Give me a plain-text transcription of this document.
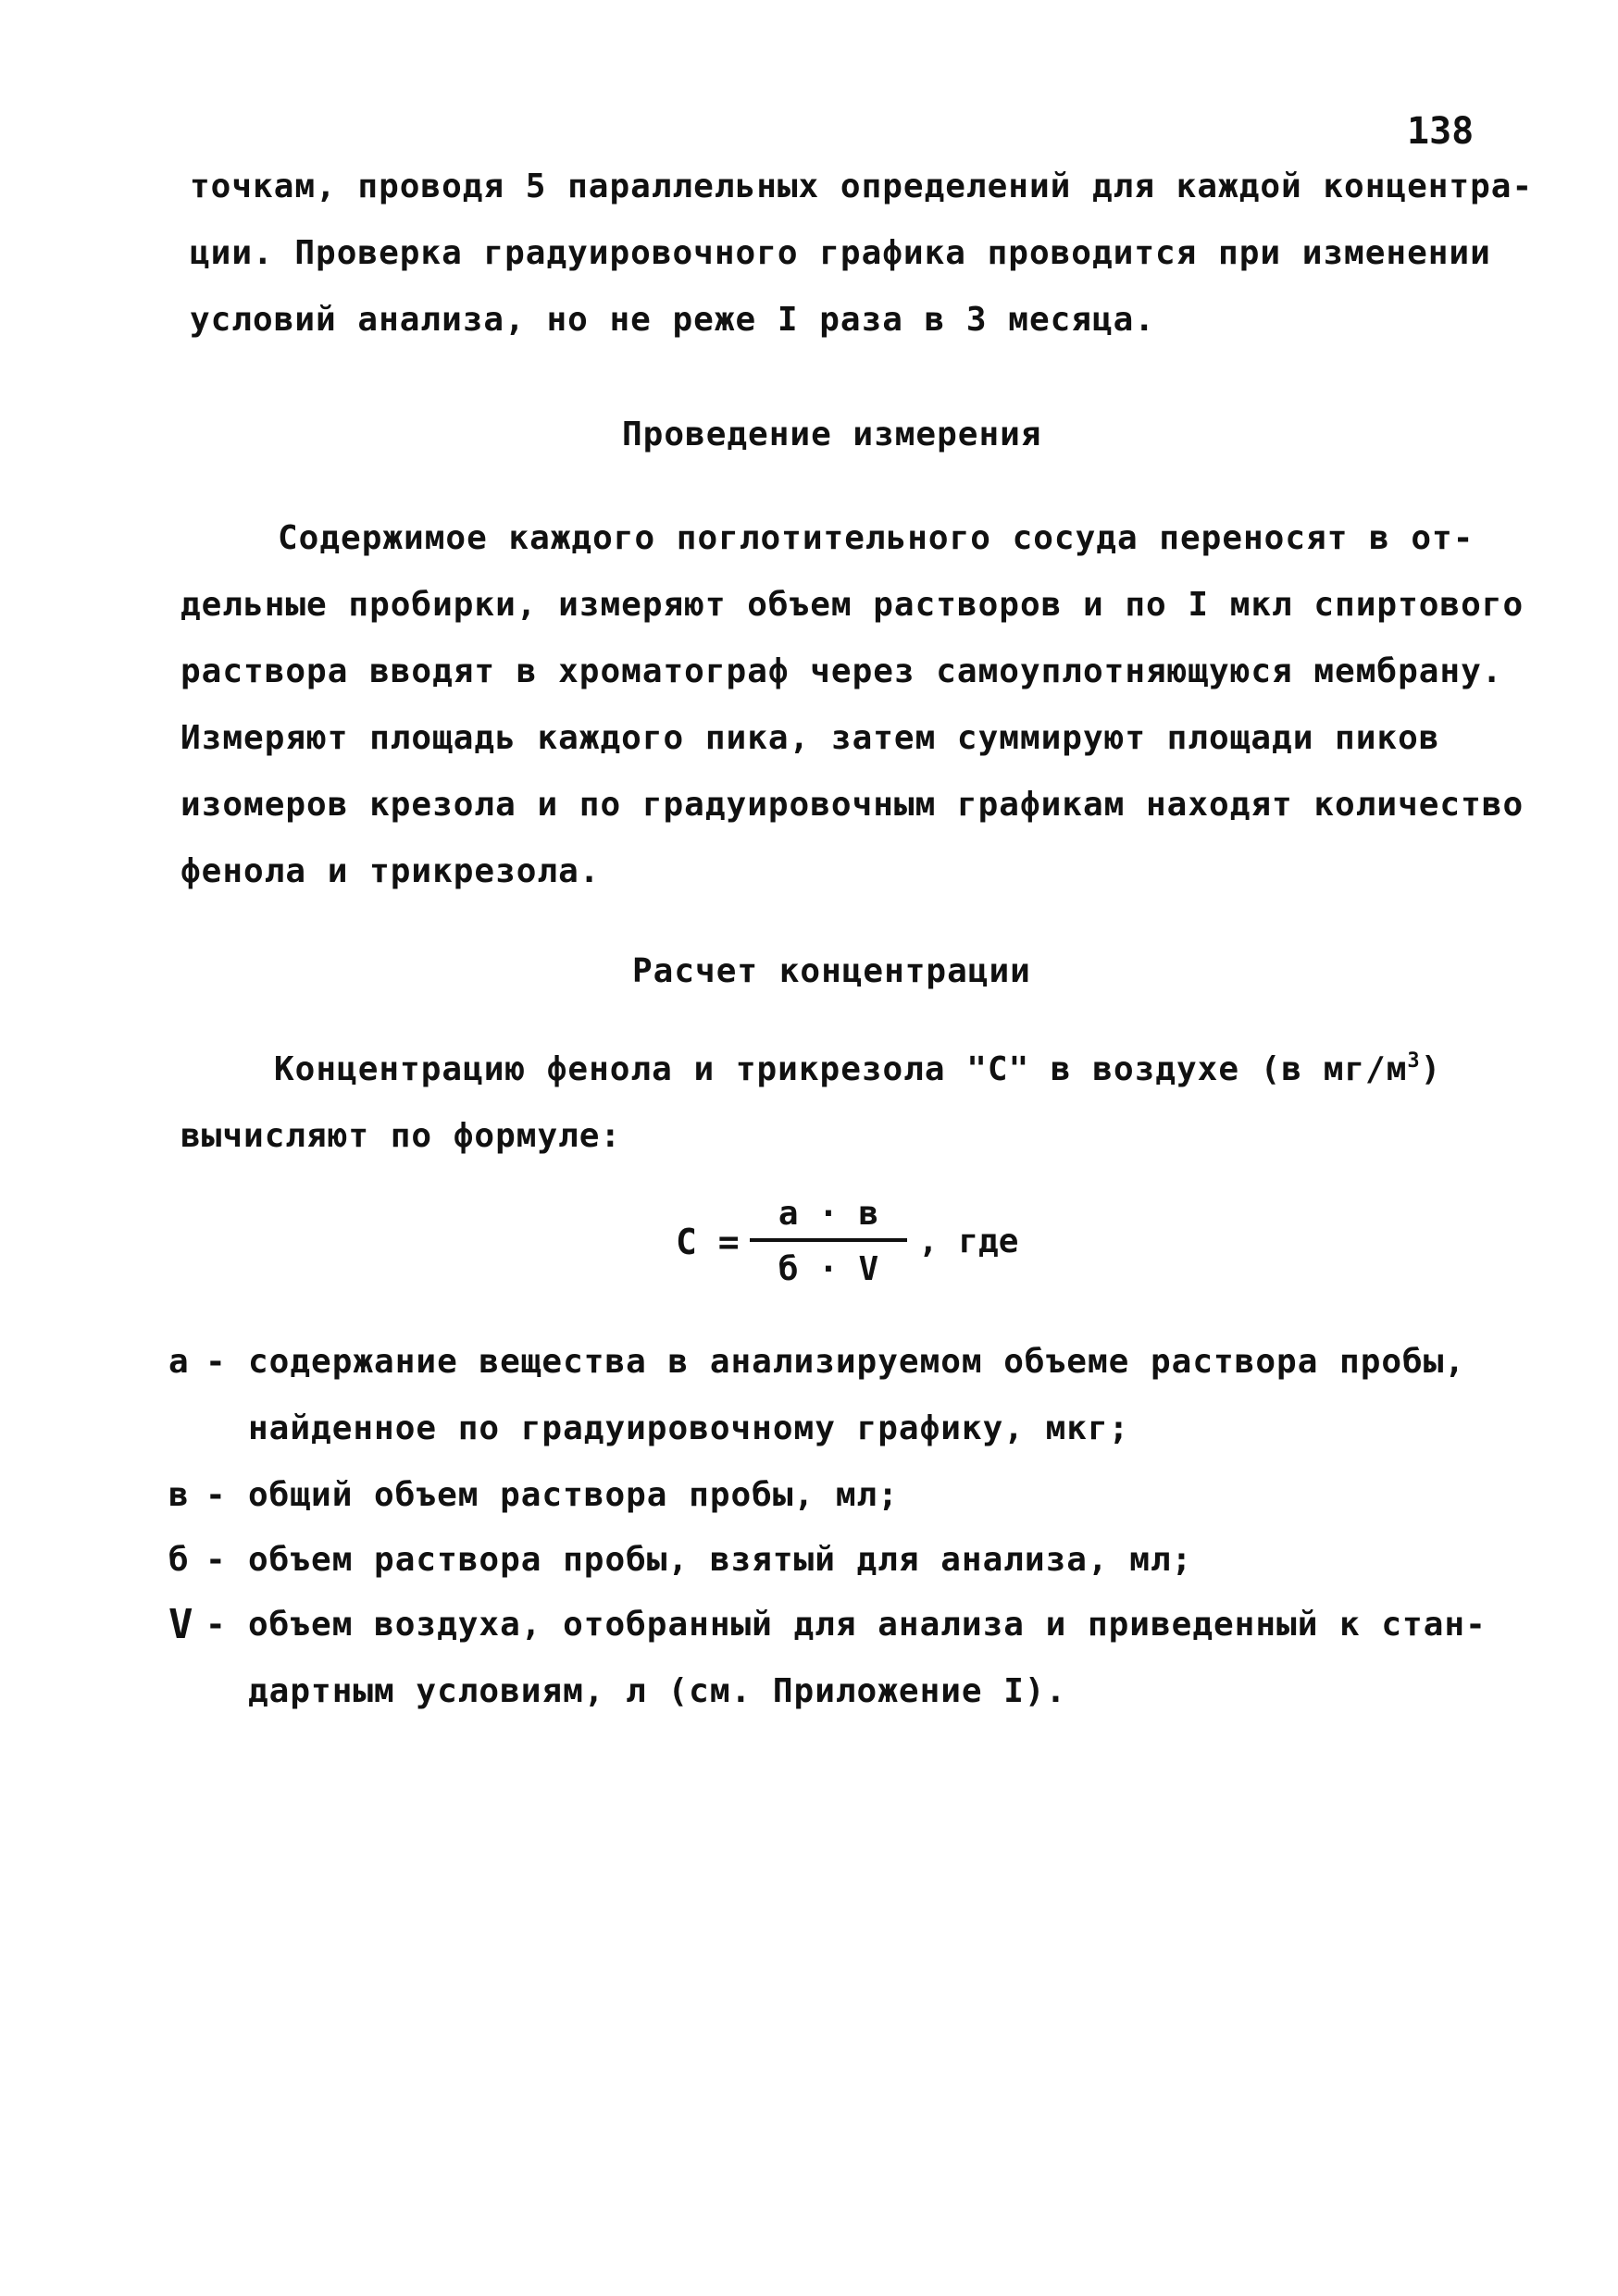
138
точкам, проводя 5 параллельных определений для каждой концентра-
ции. Проверка градуировочного графика проводится при изменении
условий анализа, но не реже I раза в 3 месяца.
Проведение измерения
Содержимое каждого поглотительного сосуда переносят в от-
дельные пробирки, измеряют объем растворов и по I мкл спиртового
раствора вводят в хроматограф через самоуплотняющуюся мембрану.
Измеряют площадь каждого пика, затем суммируют площади пиков
изомеров крезола и по градуировочным графикам находят количество
фенола и трикрезола.
Расчет концентрации
Концентрацию фенола и трикрезола "С" в воздухе (в $мг/м^3$)
вычисляют по формуле:
С =
а · в
б · V
, где
а - содержание вещества в анализируемом объеме раствора пробы,
найденное по градуировочному графику, мкг;
в - общий объем раствора пробы, мл;
б - объем раствора пробы, взятый для анализа, мл;
V - объем воздуха, отобранный для анализа и приведенный к стан-
дартным условиям, л (см. Приложение I).
